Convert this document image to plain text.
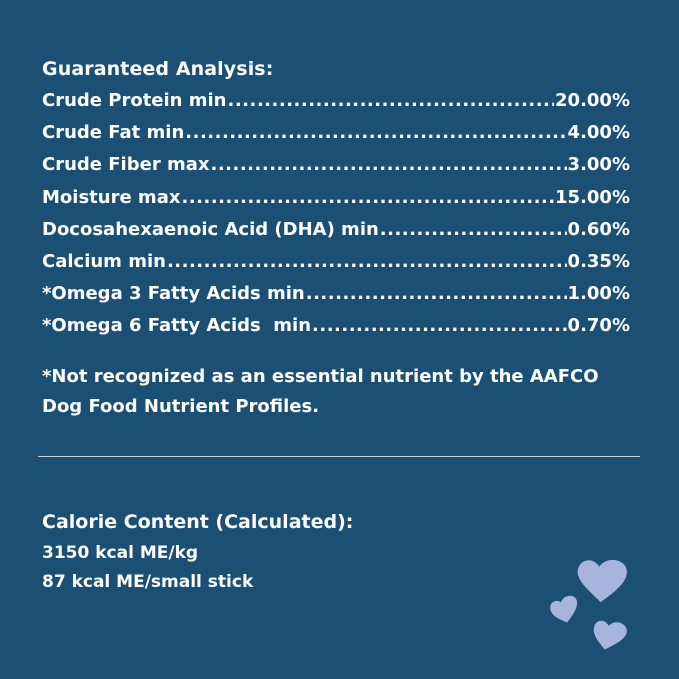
Guaranteed Analysis:
Crude Protein min .....	20.00%
Crude Fat min .....	4.00%
Crude Fiber max .....	3.00%
Moisture max .....	15.00%
Docosahexaenoic Acid (DHA) min .....	0.60%
Calcium min .....	0.35%
*Omega 3 Fatty Acids min .....	1.00%
*Omega 6 Fatty Acids  min .....	0.70%
*Not recognized as an essential nutrient by the AAFCO
Dog Food Nutrient Profiles.
Calorie Content (Calculated):
3150 kcal ME/kg
87 kcal ME/small stick
